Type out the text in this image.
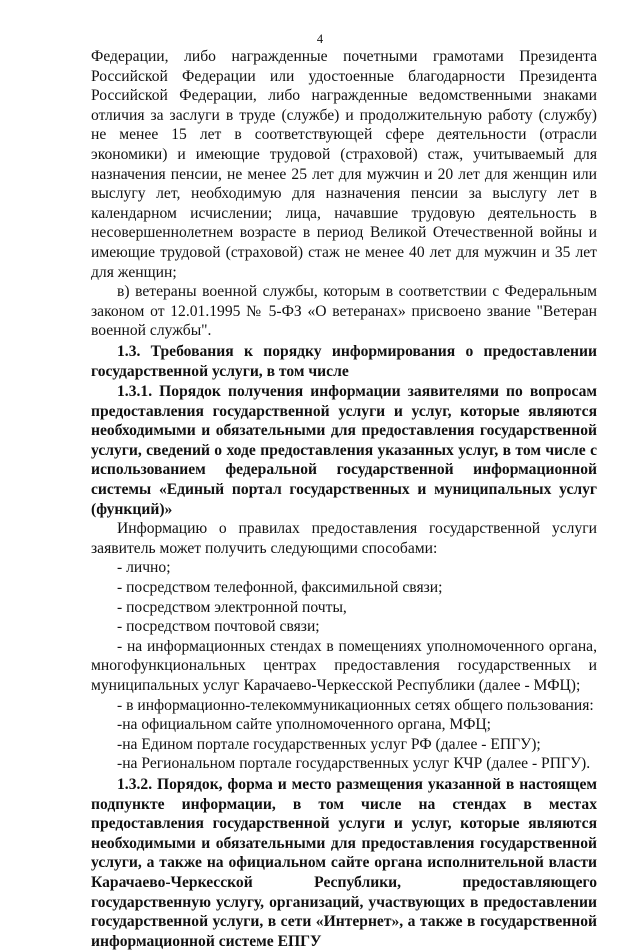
4

Федерации, либо награжденные почетными грамотами Президента Российской Федерации или удостоенные благодарности Президента Российской Федерации, либо награжденные ведомственными знаками отличия за заслуги в труде (службе) и продолжительную работу (службу) не менее 15 лет в соответствующей сфере деятельности (отрасли экономики) и имеющие трудовой (страховой) стаж, учитываемый для назначения пенсии, не менее 25 лет для мужчин и 20 лет для женщин или выслугу лет, необходимую для назначения пенсии за выслугу лет в календарном исчислении; лица, начавшие трудовую деятельность в несовершеннолетнем возрасте в период Великой Отечественной войны и имеющие трудовой (страховой) стаж не менее 40 лет для мужчин и 35 лет для женщин;

в) ветераны военной службы, которым в соответствии с Федеральным законом от 12.01.1995 № 5-ФЗ «О ветеранах» присвоено звание "Ветеран военной службы".

1.3. Требования к порядку информирования о предоставлении государственной услуги, в том числе

1.3.1. Порядок получения информации заявителями по вопросам предоставления государственной услуги и услуг, которые являются необходимыми и обязательными для предоставления государственной услуги, сведений о ходе предоставления указанных услуг, в том числе с использованием федеральной государственной информационной системы «Единый портал государственных и муниципальных услуг (функций)»

Информацию о правилах предоставления государственной услуги заявитель может получить следующими способами:

- лично;

- посредством телефонной, факсимильной связи;

- посредством электронной почты,

- посредством почтовой связи;

- на информационных стендах в помещениях уполномоченного органа, многофункциональных центрах предоставления государственных и муниципальных услуг Карачаево-Черкесской Республики (далее - МФЦ);

- в информационно-телекоммуникационных сетях общего пользования:

-на официальном сайте уполномоченного органа, МФЦ;

-на Едином портале государственных услуг РФ (далее - ЕПГУ);

-на Региональном портале государственных услуг КЧР (далее - РПГУ).

1.3.2. Порядок, форма и место размещения указанной в настоящем подпункте информации, в том числе на стендах в местах предоставления государственной услуги и услуг, которые являются необходимыми и обязательными для предоставления государственной услуги, а также на официальном сайте органа исполнительной власти Карачаево-Черкесской Республики, предоставляющего государственную услугу, организаций, участвующих в предоставлении государственной услуги, в сети «Интернет», а также в государственной информационной системе ЕПГУ
